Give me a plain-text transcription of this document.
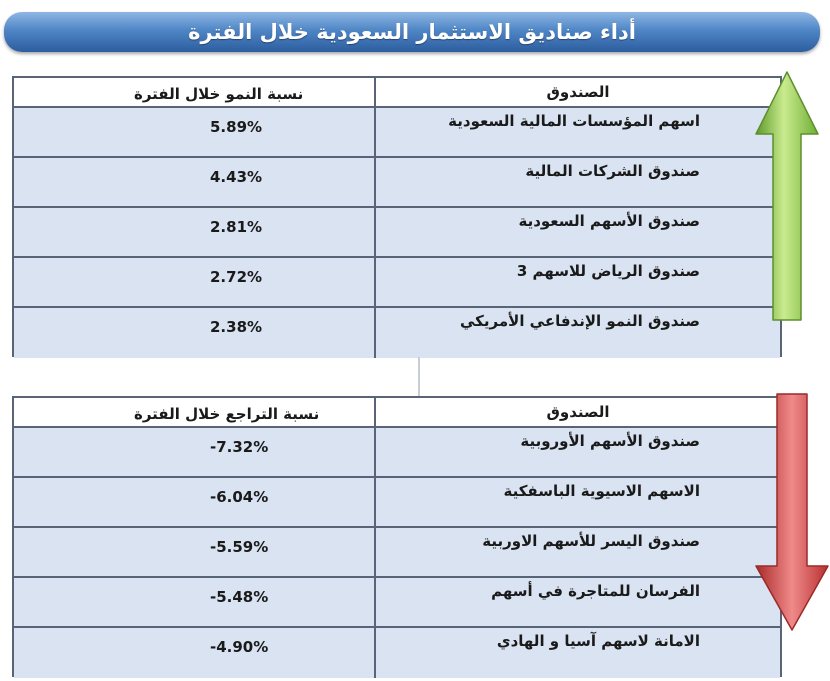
أداء صناديق الاستثمار السعودية خلال الفترة
نسبة النمو خلال الفترة	الصندوق
5.89%	اسهم المؤسسات المالية السعودية
4.43%	صندوق الشركات المالية
2.81%	صندوق الأسهم السعودية
2.72%	صندوق الرياض للاسهم 3
2.38%	صندوق النمو الإندفاعي الأمريكي
نسبة التراجع خلال الفترة	الصندوق
-7.32%	صندوق الأسهم الأوروبية
-6.04%	الاسهم الاسيوية الباسفكية
-5.59%	صندوق اليسر للأسهم الاوربية
-5.48%	الفرسان للمتاجرة في أسهم
-4.90%	الامانة لاسهم آسيا و الهادي
